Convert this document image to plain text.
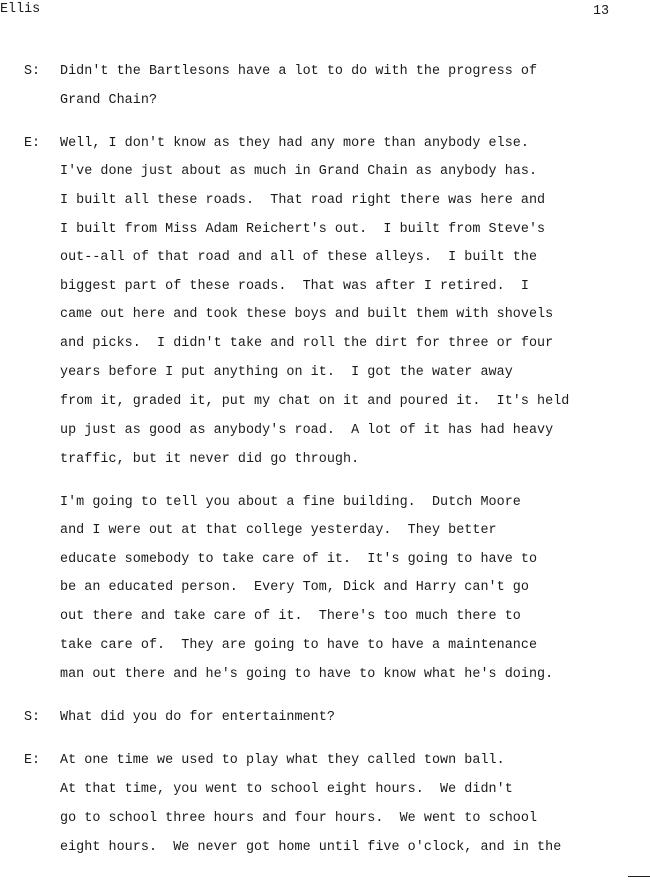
Ellis	13
S: Didn't the Bartlesons have a lot to do with the progress of
Grand Chain?
E: Well, I don't know as they had any more than anybody else.
I've done just about as much in Grand Chain as anybody has.
I built all these roads.  That road right there was here and
I built from Miss Adam Reichert's out.  I built from Steve's
out--all of that road and all of these alleys.  I built the
biggest part of these roads.  That was after I retired.  I
came out here and took these boys and built them with shovels
and picks.  I didn't take and roll the dirt for three or four
years before I put anything on it.  I got the water away
from it, graded it, put my chat on it and poured it.  It's held
up just as good as anybody's road.  A lot of it has had heavy
traffic, but it never did go through.
I'm going to tell you about a fine building.  Dutch Moore
and I were out at that college yesterday.  They better
educate somebody to take care of it.  It's going to have to
be an educated person.  Every Tom, Dick and Harry can't go
out there and take care of it.  There's too much there to
take care of.  They are going to have to have a maintenance
man out there and he's going to have to know what he's doing.
S: What did you do for entertainment?
E: At one time we used to play what they called town ball.
At that time, you went to school eight hours.  We didn't
go to school three hours and four hours.  We went to school
eight hours.  We never got home until five o'clock, and in the
